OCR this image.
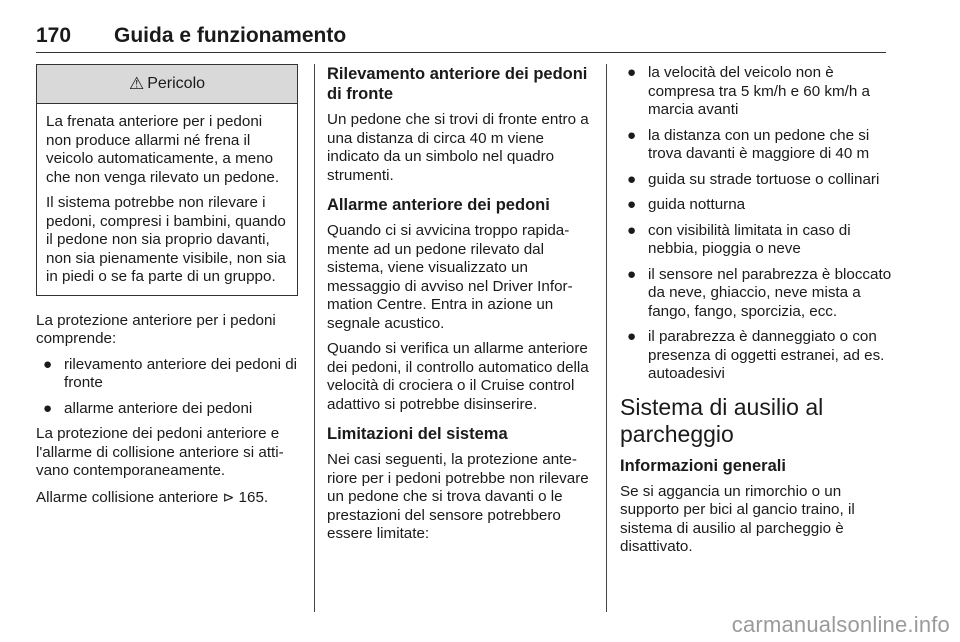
170 Guida e funzionamento
⚠ Pericolo

La frenata anteriore per i pedoni non produce allarmi né frena il veicolo automaticamente, a meno che non venga rilevato un pedone.

Il sistema potrebbe non rilevare i pedoni, compresi i bambini, quando il pedone non sia proprio davanti, non sia pienamente visibile, non sia in piedi o se fa parte di un gruppo.

La protezione anteriore per i pedoni comprende:

● rilevamento anteriore dei pedoni di fronte
● allarme anteriore dei pedoni

La protezione dei pedoni anteriore e l'allarme di collisione anteriore si attivano contemporaneamente.

Allarme collisione anteriore ⊳ 165.

Rilevamento anteriore dei pedoni di fronte

Un pedone che si trovi di fronte entro a una distanza di circa 40 m viene indicato da un simbolo nel quadro strumenti.

Allarme anteriore dei pedoni

Quando ci si avvicina troppo rapidamente ad un pedone rilevato dal sistema, viene visualizzato un messaggio di avviso nel Driver Information Centre. Entra in azione un segnale acustico.

Quando si verifica un allarme anteriore dei pedoni, il controllo automatico della velocità di crociera o il Cruise control adattivo si potrebbe disinserire.

Limitazioni del sistema

Nei casi seguenti, la protezione anteriore per i pedoni potrebbe non rilevare un pedone che si trova davanti o le prestazioni del sensore potrebbero essere limitate:

● la velocità del veicolo non è compresa tra 5 km/h e 60 km/h a marcia avanti
● la distanza con un pedone che si trova davanti è maggiore di 40 m
● guida su strade tortuose o collinari
● guida notturna
● con visibilità limitata in caso di nebbia, pioggia o neve
● il sensore nel parabrezza è bloccato da neve, ghiaccio, neve mista a fango, fango, sporcizia, ecc.
● il parabrezza è danneggiato o con presenza di oggetti estranei, ad es. autoadesivi
Sistema di ausilio al parcheggio
Informazioni generali

Se si aggancia un rimorchio o un supporto per bici al gancio traino, il sistema di ausilio al parcheggio è disattivato.

carmanualsonline.info
